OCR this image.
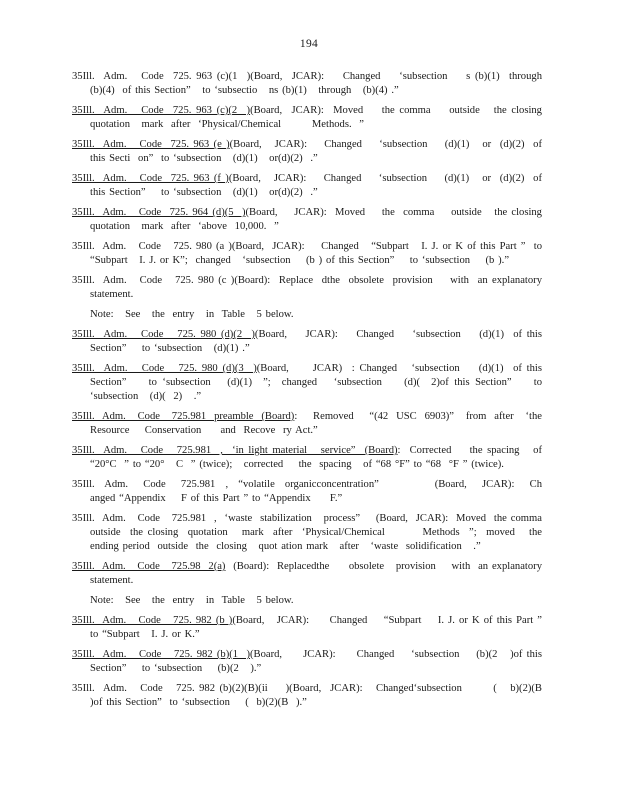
194

35Ill.  Adm.   Code  725. 963 (c)(1  )(Board,  JCAR):    Changed    ‘subsection    s (b)(1)  through   (b)(4)  of this Section”   to ‘subsectio   ns (b)(1)   through   (b)(4) .”

35Ill.  Adm.   Code  725. 963 (c)(2  )(Board,  JCAR):  Moved    the comma    outside   the closing quotation   mark  after  ‘Physical/Chemical        Methods.  ”

35Ill.  Adm.   Code  725. 963 (e )(Board,   JCAR):    Changed    ‘subsection    (d)(1)   or  (d)(2)  of this Secti  on”  to ‘subsection   (d)(1)   or(d)(2)  .”

35Ill.  Adm.   Code  725. 963 (f )(Board,   JCAR):    Changed    ‘subsection    (d)(1)   or  (d)(2)  of this Section”    to ‘subsection   (d)(1)   or(d)(2)  .”

35Ill.  Adm.   Code  725. 964 (d)(5  )(Board,    JCAR):  Moved    the  comma    outside   the closing quotation   mark  after  ‘above  10,000.  ”

35Ill.  Adm.   Code   725. 980 (a )(Board,  JCAR):    Changed   “Subpart   I. J. or K of this Part ”  to “Subpart   I. J. or K”;  changed   ‘subsection    (b ) of this Section”    to ‘subsection    (b ).”

35Ill.  Adm.   Code   725. 980 (c )(Board):  Replace  dthe  obsolete  provision    with  an explanatory statement.

Note:   See   the  entry   in  Table   5 below.

35Ill.  Adm.   Code   725. 980 (d)(2  )(Board,    JCAR):    Changed    ‘subsection    (d)(1)  of this Section”    to ‘subsection   (d)(1) .”

35Ill.  Adm.   Code   725. 980 (d)(3  )(Board,     JCAR)  : Changed   ‘subsection    (d)(1)  of this Section”    to ‘subsection   (d)(1)  ”;  changed   ‘subsection    (d)(  2)of this Section”    to ‘subsection   (d)(  2)   .”

35Ill.  Adm.   Code   725.981  preamble  (Board):    Removed    “(42  USC  6903)”   from  after   ‘the Resource    Conservation     and  Recove  ry Act.”

35Ill.  Adm.   Code   725.981  ,  ‘in light material   service”  (Board):  Corrected    the spacing   of    “20°C  ” to “20°   C  ” (twice);   corrected    the  spacing   of “68 °F” to “68  °F ” (twice).

35Ill.  Adm.   Code   725.981  ,  “volatile  organicconcentration”           (Board,   JCAR):   Ch    anged “Appendix    F of this Part ” to “Appendix     F.”

35Ill.  Adm.   Code   725.981  ,  ‘waste  stabilization   process”    (Board,  JCAR):  Moved  the comma outside  the closing  quotation   mark  after  ‘Physical/Chemical        Methods  ”;  moved   the ending period  outside  the  closing   quot ation mark   after   ‘waste  solidification   .”

35Ill.  Adm.   Code   725.98  2(a)  (Board):  Replacedthe     obsolete   provision    with  an explanatory statement.

Note:   See   the  entry   in  Table   5 below.

35Ill.  Adm.   Code   725. 982 (b )(Board,   JCAR):     Changed    “Subpart    I. J. or K of this Part ”   to “Subpart   I. J. or K.”

35Ill.  Adm.   Code   725. 982 (b)(1  )(Board,     JCAR):     Changed    ‘subsection    (b)(2   )of this Section”    to ‘subsection    (b)(2   ).”

35Ill.  Adm.   Code   725. 982 (b)(2)(B)(ii    )(Board,  JCAR):   Changed‘subsection       (   b)(2)(B   )of this Section”  to ‘subsection    (  b)(2)(B  ).”
